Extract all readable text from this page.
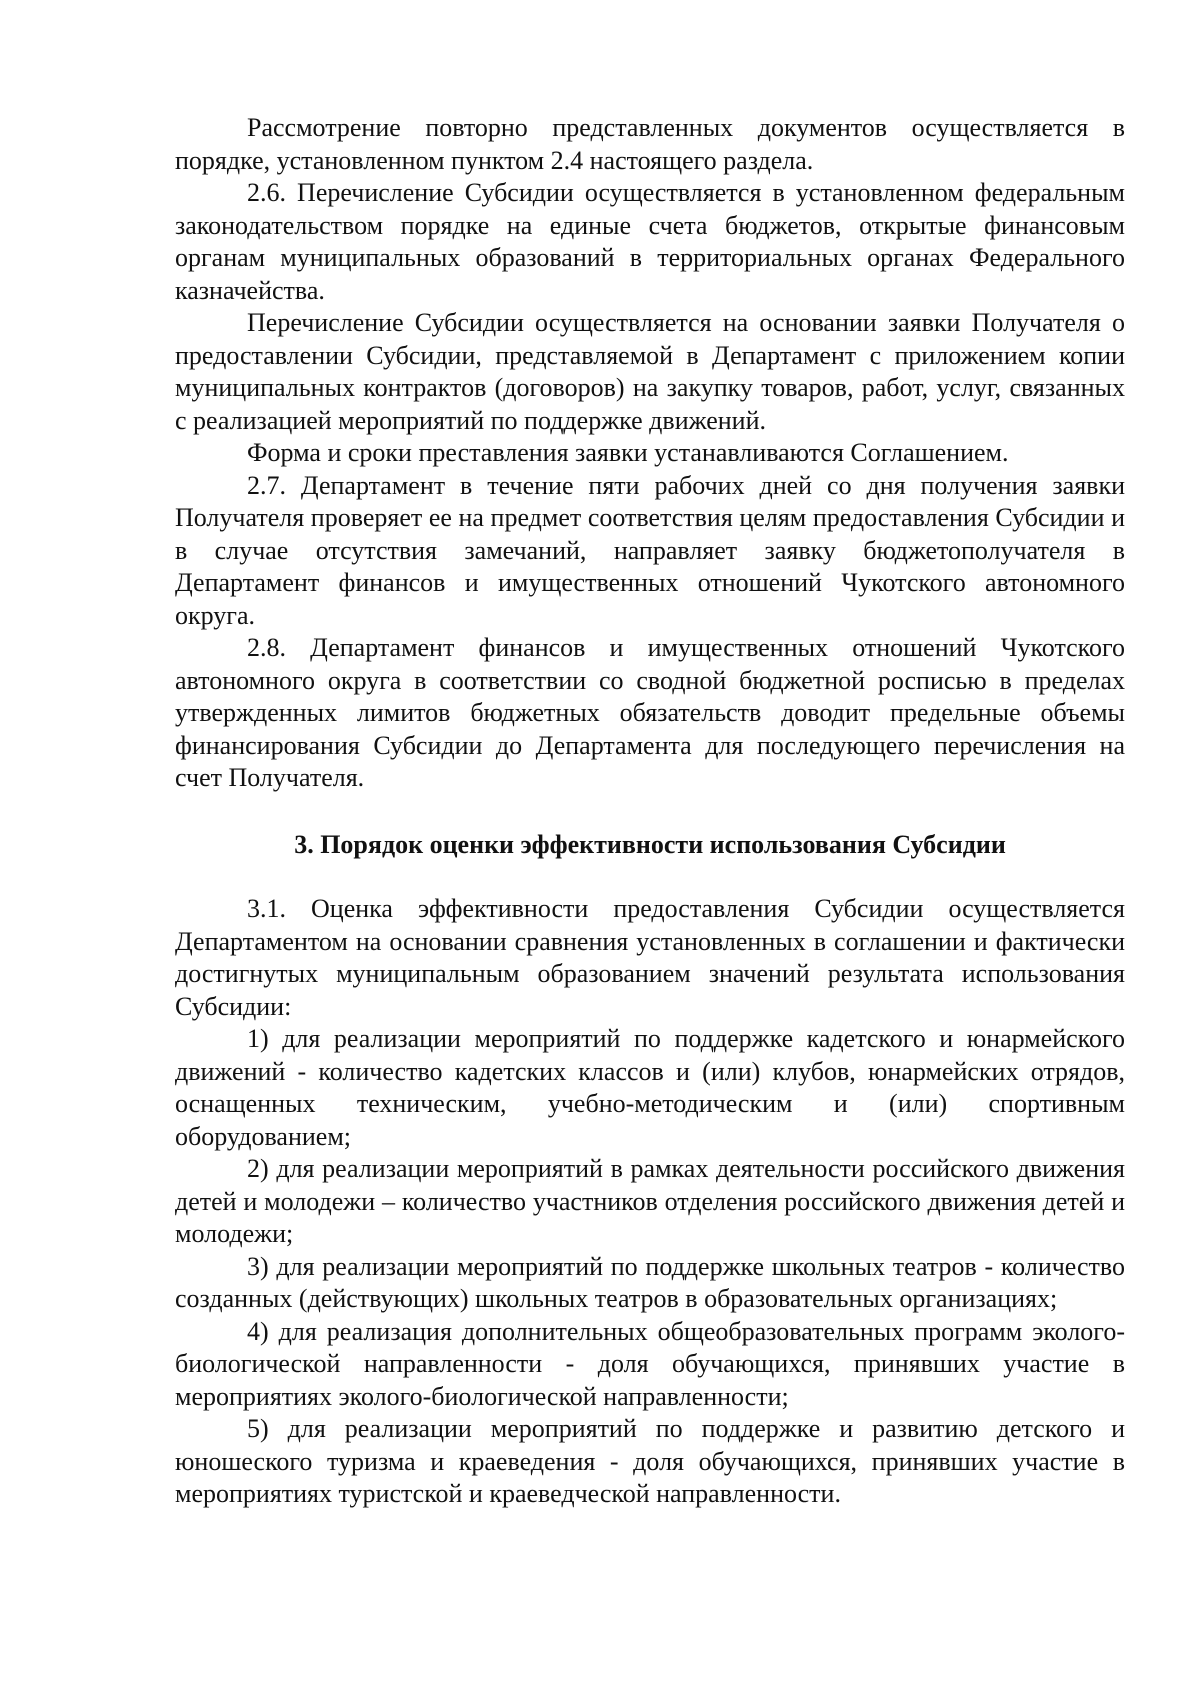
Рассмотрение повторно представленных документов осуществляется в порядке, установленном пунктом 2.4 настоящего раздела.

2.6. Перечисление Субсидии осуществляется в установленном федеральным законодательством порядке на единые счета бюджетов, открытые финансовым органам муниципальных образований в территориальных органах Федерального казначейства.

Перечисление Субсидии осуществляется на основании заявки Получателя о предоставлении Субсидии, представляемой в Департамент с приложением копии муниципальных контрактов (договоров) на закупку товаров, работ, услуг, связанных с реализацией мероприятий по поддержке движений.

Форма и сроки преставления заявки устанавливаются Соглашением.

2.7. Департамент в течение пяти рабочих дней со дня получения заявки Получателя проверяет ее на предмет соответствия целям предоставления Субсидии и в случае отсутствия замечаний, направляет заявку бюджетополучателя в Департамент финансов и имущественных отношений Чукотского автономного округа.

2.8. Департамент финансов и имущественных отношений Чукотского автономного округа в соответствии со сводной бюджетной росписью в пределах утвержденных лимитов бюджетных обязательств доводит предельные объемы финансирования Субсидии до Департамента для последующего перечисления на счет Получателя.

3. Порядок оценки эффективности использования Субсидии

3.1. Оценка эффективности предоставления Субсидии осуществляется Департаментом на основании сравнения установленных в соглашении и фактически достигнутых муниципальным образованием значений результата использования Субсидии:

1) для реализации мероприятий по поддержке кадетского и юнармейского движений - количество кадетских классов и (или) клубов, юнармейских отрядов, оснащенных техническим, учебно-методическим и (или) спортивным оборудованием;

2) для реализации мероприятий в рамках деятельности российского движения детей и молодежи – количество участников отделения российского движения детей и молодежи;

3) для реализации мероприятий по поддержке школьных театров - количество созданных (действующих) школьных театров в образовательных организациях;

4) для реализация дополнительных общеобразовательных программ эколого-биологической направленности - доля обучающихся, принявших участие в мероприятиях эколого-биологической направленности;

5) для реализации мероприятий по поддержке и развитию детского и юношеского туризма и краеведения - доля обучающихся, принявших участие в мероприятиях туристской и краеведческой направленности.
